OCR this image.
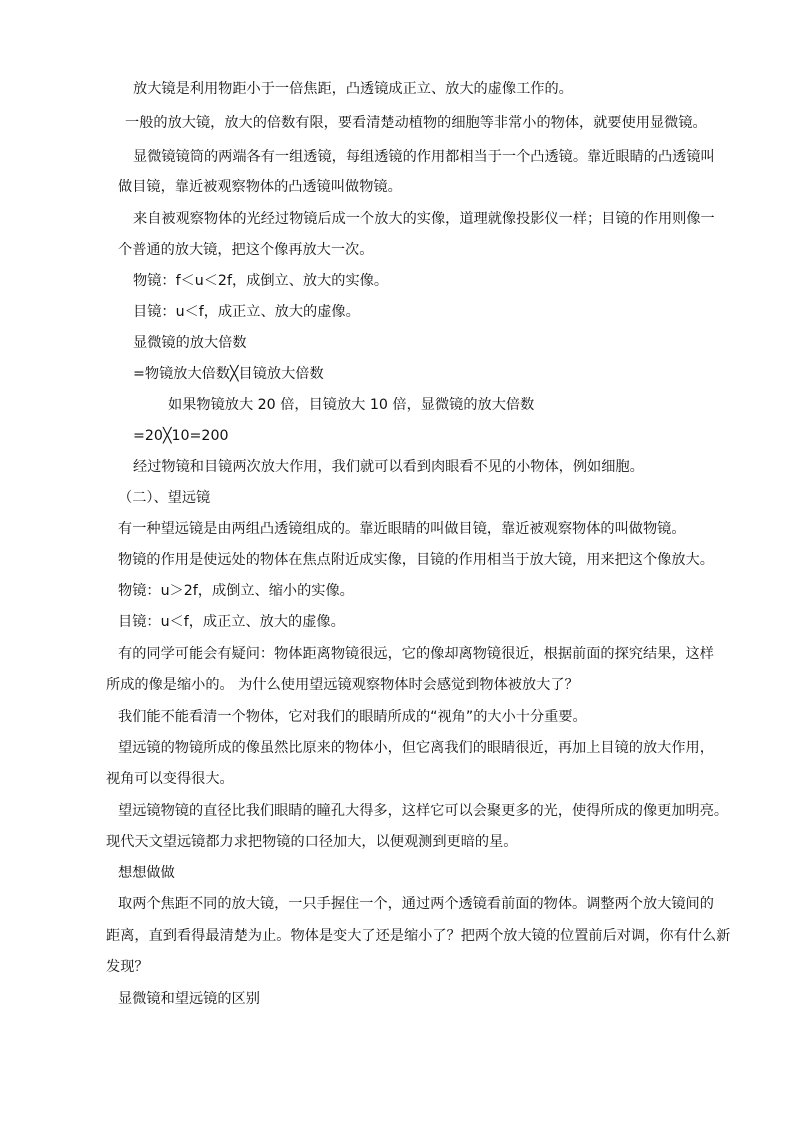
放大镜是利用物距小于一倍焦距，凸透镜成正立、放大的虚像工作的。
一般的放大镜，放大的倍数有限，要看清楚动植物的细胞等非常小的物体，就要使用显微镜。
显微镜镜筒的两端各有一组透镜，每组透镜的作用都相当于一个凸透镜。靠近眼睛的凸透镜叫
做目镜，靠近被观察物体的凸透镜叫做物镜。
来自被观察物体的光经过物镜后成一个放大的实像，道理就像投影仪一样；目镜的作用则像一
个普通的放大镜，把这个像再放大一次。
物镜：f＜u＜2f，成倒立、放大的实像。
目镜：u＜f，成正立、放大的虚像。
显微镜的放大倍数
=物镜放大倍数╳目镜放大倍数
如果物镜放大 20 倍，目镜放大 10 倍，显微镜的放大倍数
=20╳10=200
经过物镜和目镜两次放大作用，我们就可以看到肉眼看不见的小物体，例如细胞。
（二）、望远镜
有一种望远镜是由两组凸透镜组成的。靠近眼睛的叫做目镜，靠近被观察物体的叫做物镜。
物镜的作用是使远处的物体在焦点附近成实像，目镜的作用相当于放大镜，用来把这个像放大。
物镜：u＞2f，成倒立、缩小的实像。
目镜：u＜f，成正立、放大的虚像。
有的同学可能会有疑问：物体距离物镜很远，它的像却离物镜很近，根据前面的探究结果，这样
所成的像是缩小的。 为什么使用望远镜观察物体时会感觉到物体被放大了？
我们能不能看清一个物体，它对我们的眼睛所成的“视角”的大小十分重要。
望远镜的物镜所成的像虽然比原来的物体小，但它离我们的眼睛很近，再加上目镜的放大作用，
视角可以变得很大。
望远镜物镜的直径比我们眼睛的瞳孔大得多，这样它可以会聚更多的光，使得所成的像更加明亮。
现代天文望远镜都力求把物镜的口径加大，以便观测到更暗的星。
想想做做
取两个焦距不同的放大镜，一只手握住一个，通过两个透镜看前面的物体。调整两个放大镜间的
距离，直到看得最清楚为止。物体是变大了还是缩小了？把两个放大镜的位置前后对调，你有什么新
发现？
显微镜和望远镜的区别
